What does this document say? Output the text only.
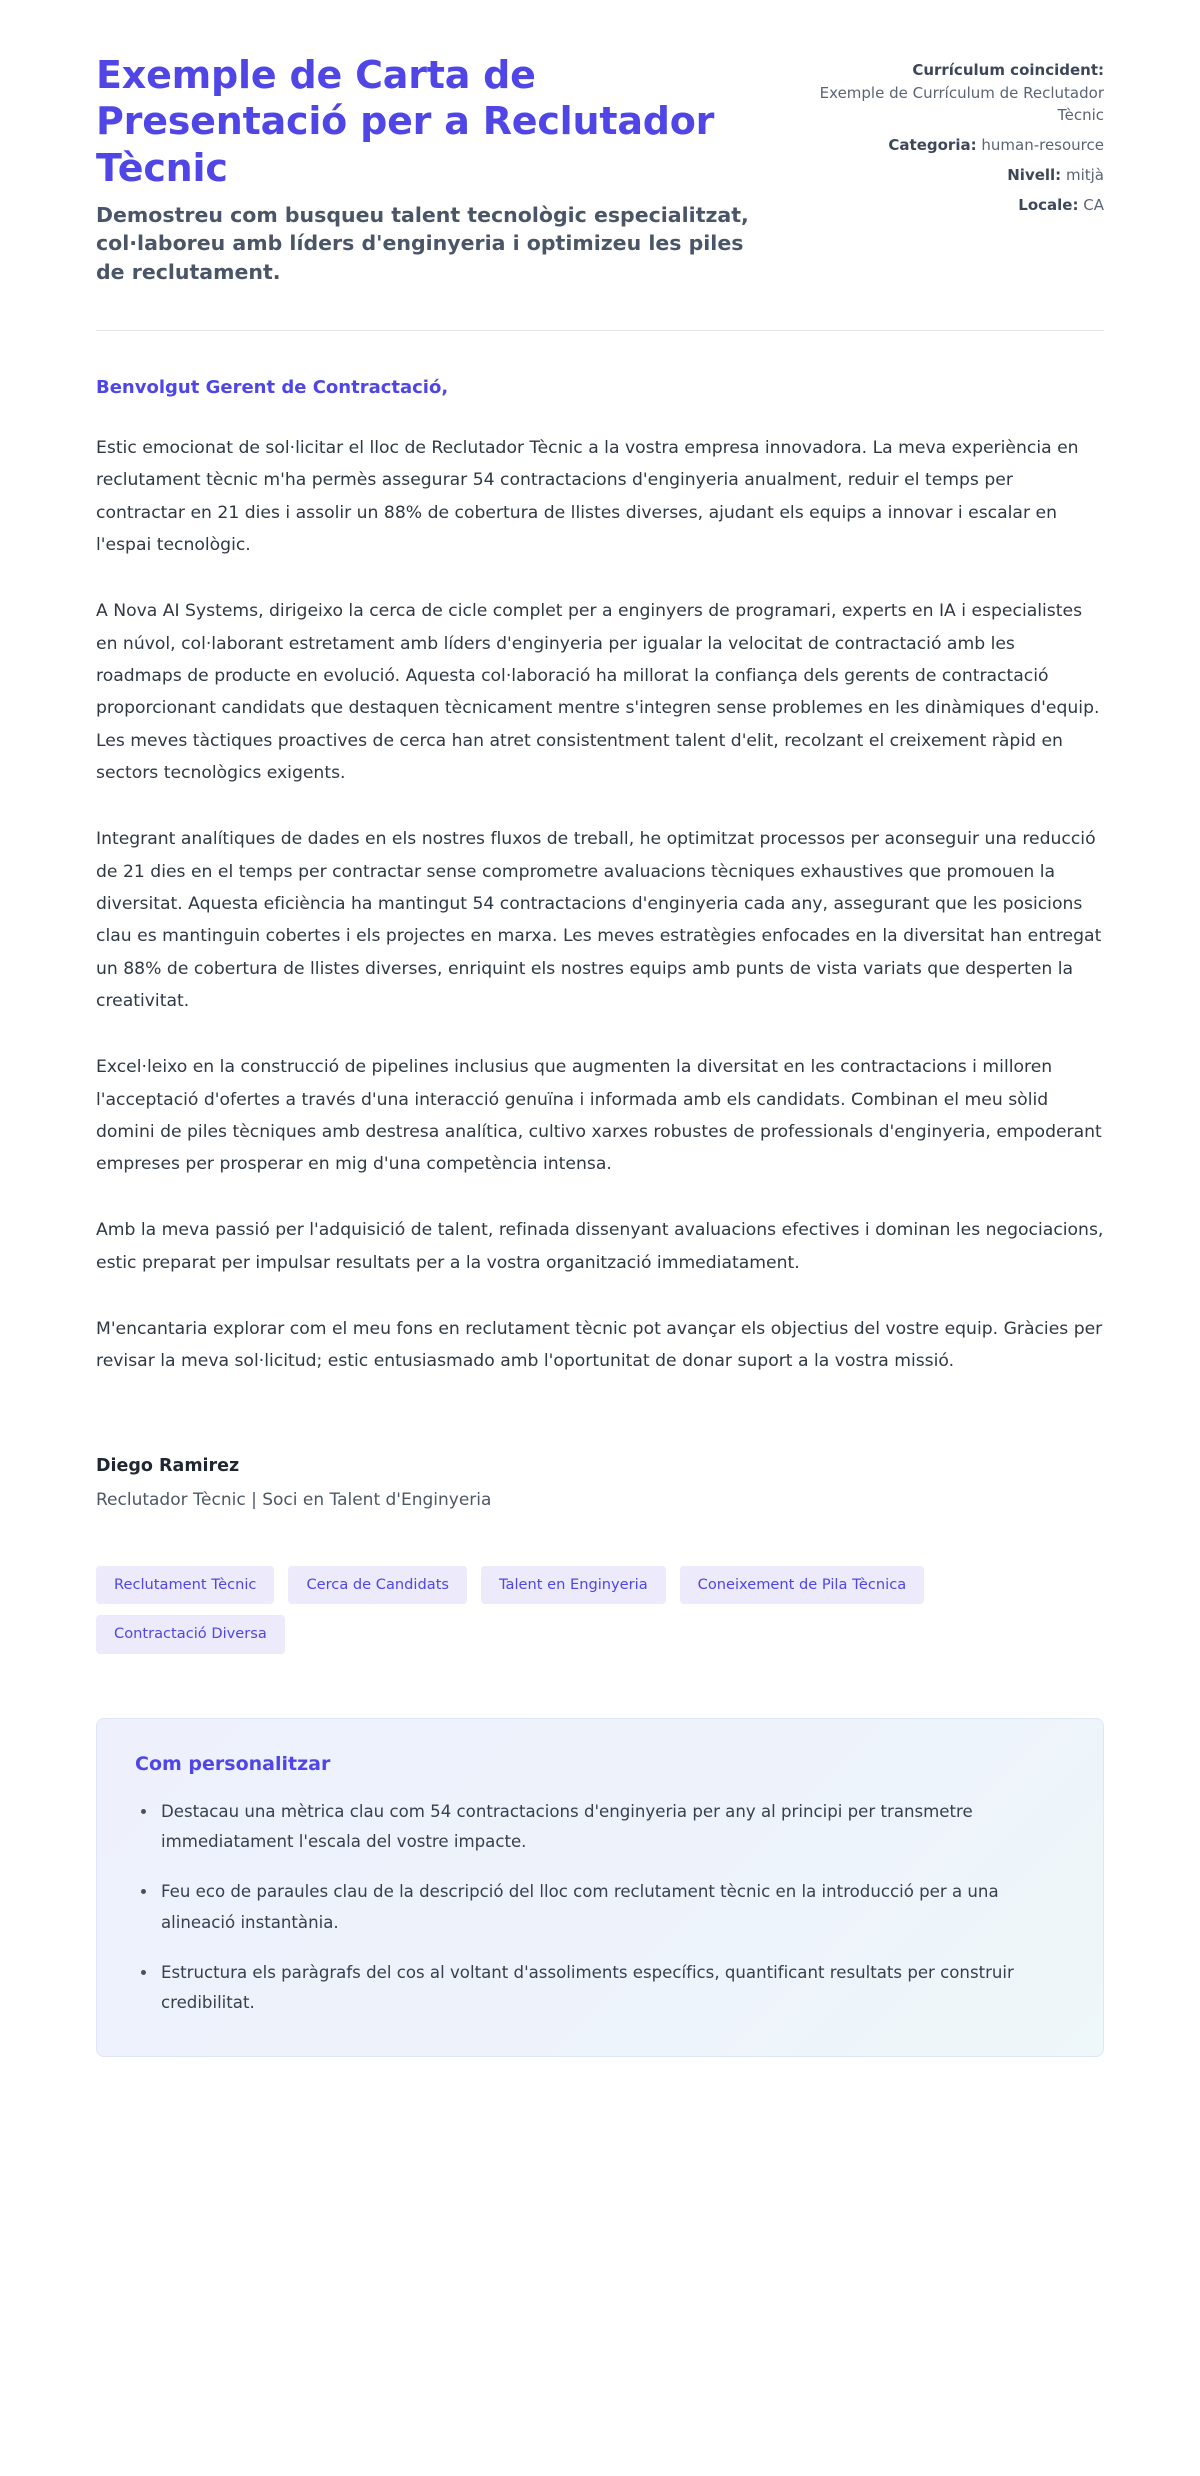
Exemple de Carta de Presentació per a Reclutador Tècnic

Demostreu com busqueu talent tecnològic especialitzat, col·laboreu amb líders d'enginyeria i optimizeu les piles de reclutament.

Currículum coincident:
Exemple de Currículum de Reclutador Tècnic
Categoria: human-resource
Nivell: mitjà
Locale: CA

Benvolgut Gerent de Contractació,

Estic emocionat de sol·licitar el lloc de Reclutador Tècnic a la vostra empresa innovadora. La meva experiència en reclutament tècnic m'ha permès assegurar 54 contractacions d'enginyeria anualment, reduir el temps per contractar en 21 dies i assolir un 88% de cobertura de llistes diverses, ajudant els equips a innovar i escalar en l'espai tecnològic.

A Nova AI Systems, dirigeixo la cerca de cicle complet per a enginyers de programari, experts en IA i especialistes en núvol, col·laborant estretament amb líders d'enginyeria per igualar la velocitat de contractació amb les roadmaps de producte en evolució. Aquesta col·laboració ha millorat la confiança dels gerents de contractació proporcionant candidats que destaquen tècnicament mentre s'integren sense problemes en les dinàmiques d'equip. Les meves tàctiques proactives de cerca han atret consistentment talent d'elit, recolzant el creixement ràpid en sectors tecnològics exigents.

Integrant analítiques de dades en els nostres fluxos de treball, he optimitzat processos per aconseguir una reducció de 21 dies en el temps per contractar sense comprometre avaluacions tècniques exhaustives que promouen la diversitat. Aquesta eficiència ha mantingut 54 contractacions d'enginyeria cada any, assegurant que les posicions clau es mantinguin cobertes i els projectes en marxa. Les meves estratègies enfocades en la diversitat han entregat un 88% de cobertura de llistes diverses, enriquint els nostres equips amb punts de vista variats que desperten la creativitat.

Excel·leixo en la construcció de pipelines inclusius que augmenten la diversitat en les contractacions i milloren l'acceptació d'ofertes a través d'una interacció genuïna i informada amb els candidats. Combinan el meu sòlid domini de piles tècniques amb destresa analítica, cultivo xarxes robustes de professionals d'enginyeria, empoderant empreses per prosperar en mig d'una competència intensa.

Amb la meva passió per l'adquisició de talent, refinada dissenyant avaluacions efectives i dominan les negociacions, estic preparat per impulsar resultats per a la vostra organització immediatament.

M'encantaria explorar com el meu fons en reclutament tècnic pot avançar els objectius del vostre equip. Gràcies per revisar la meva sol·licitud; estic entusiasmado amb l'oportunitat de donar suport a la vostra missió.

Diego Ramirez

Reclutador Tècnic | Soci en Talent d'Enginyeria

Reclutament Tècnic	Cerca de Candidats	Talent en Enginyeria	Coneixement de Pila Tècnica
Contractació Diversa
Com personalitzar
Destacau una mètrica clau com 54 contractacions d'enginyeria per any al principi per transmetre immediatament l'escala del vostre impacte.
Feu eco de paraules clau de la descripció del lloc com reclutament tècnic en la introducció per a una alineació instantània.
Estructura els paràgrafs del cos al voltant d'assoliments específics, quantificant resultats per construir credibilitat.
